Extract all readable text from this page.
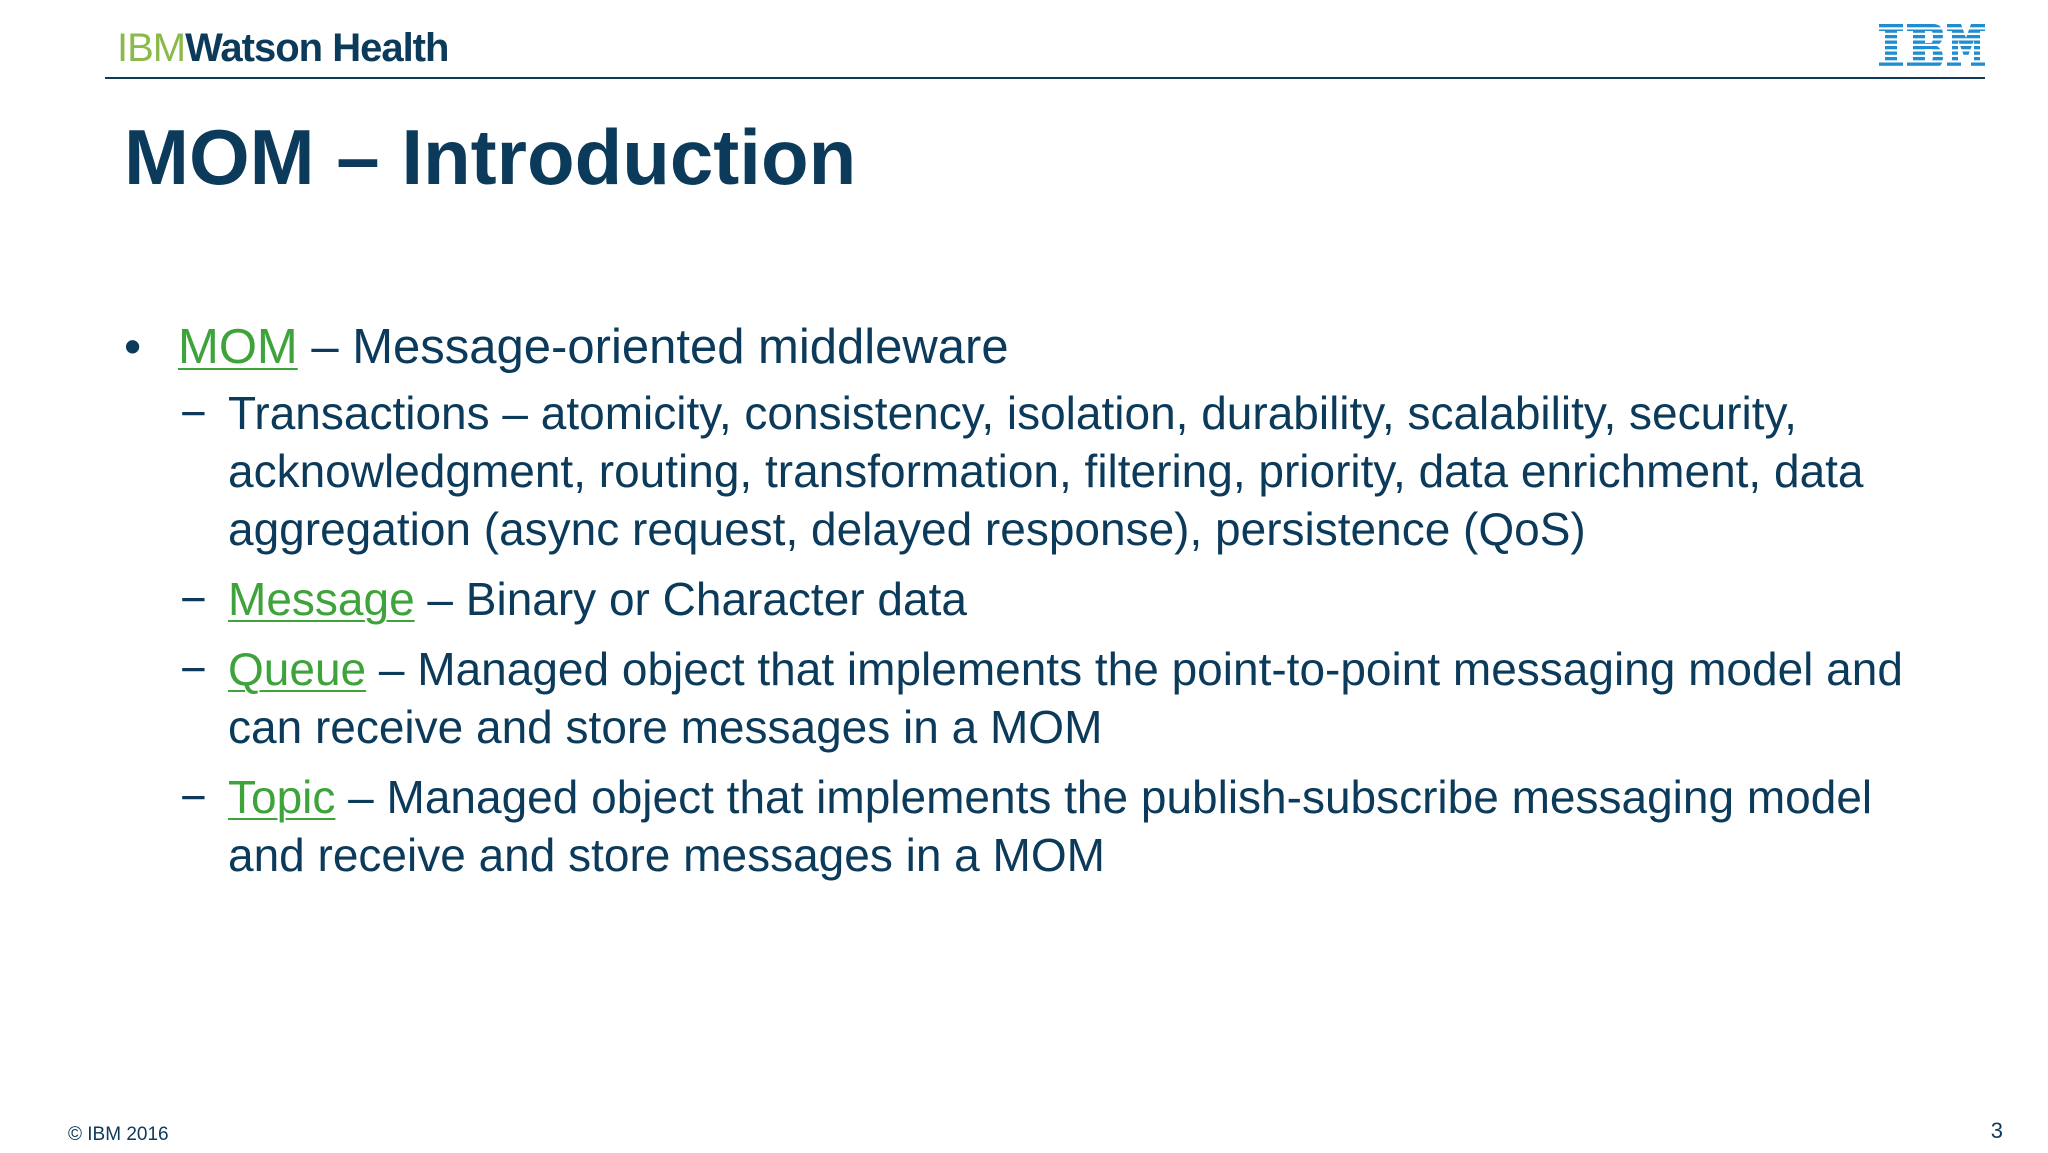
IBMWatson Health
MOM – Introduction
• MOM – Message-oriented middleware
− Transactions – atomicity, consistency, isolation, durability, scalability, security, acknowledgment, routing, transformation, filtering, priority, data enrichment, data aggregation (async request, delayed response), persistence (QoS)
− Message – Binary or Character data
− Queue – Managed object that implements the point-to-point messaging model and can receive and store messages in a MOM
− Topic – Managed object that implements the publish-subscribe messaging model and receive and store messages in a MOM
© IBM 2016	3
